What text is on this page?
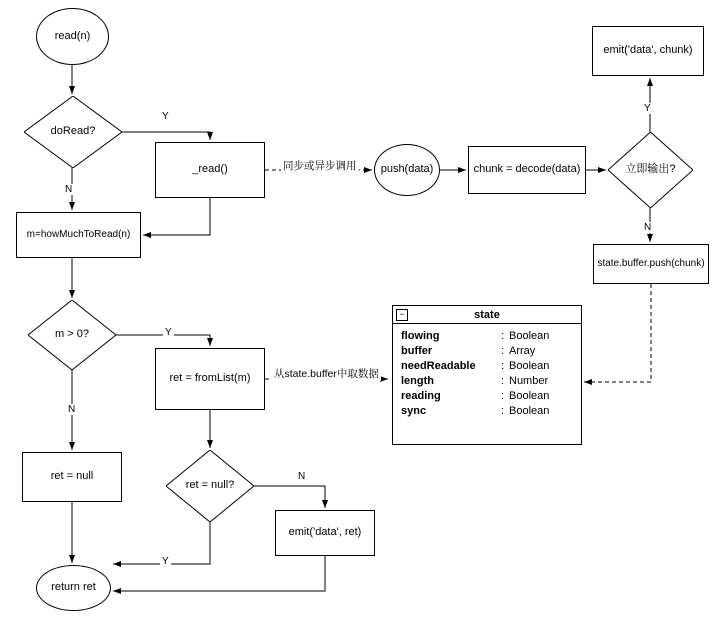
read(n)
doRead?
_read()	push(data)	chunk = decode(data)	立即输出?
emit('data', chunk)
state.buffer.push(chunk)
m=howMuchToRead(n)
m > 0?
ret = fromList(m)
ret = null
ret = null?
emit('data', ret)
return ret
Y
N
同步或异步调用
Y
N
Y
N
从state.buffer中取数据
N
Y
−	state
flowing	: Boolean
buffer	: Array
needReadable	: Boolean
length	: Number
reading	: Boolean
sync	: Boolean
